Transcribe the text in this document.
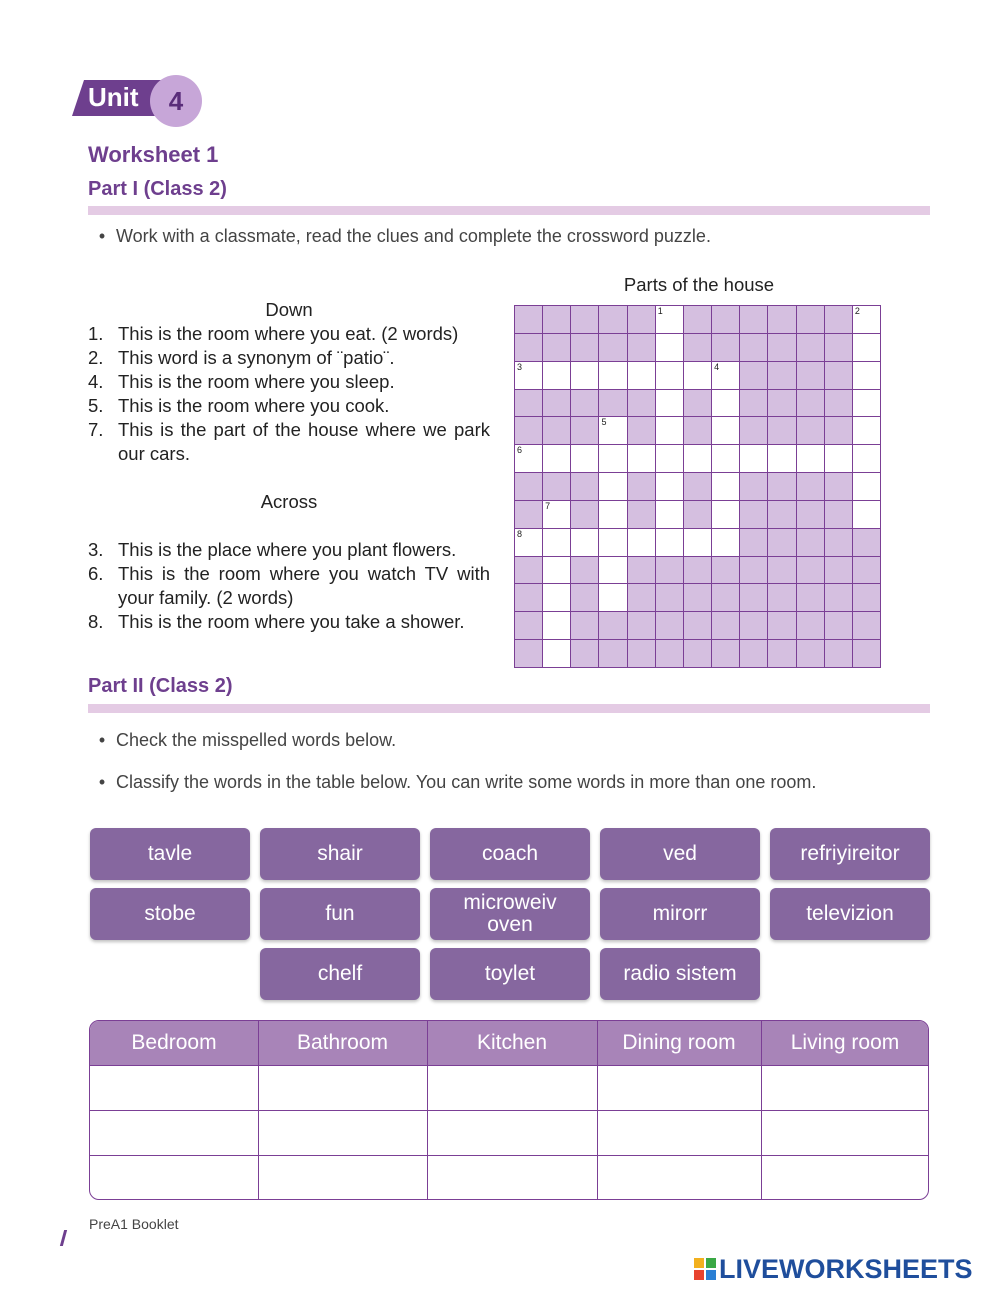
Unit	4
Worksheet 1
Part I (Class 2)
• Work with a classmate, read the clues and complete the crossword puzzle.
Down
1. This is the room where you eat. (2 words)
2. This word is a synonym of ¨patio¨.
4. This is the room where you sleep.
5. This is the room where you cook.
7. This is the part of the house where we park our cars.
Across
3. This is the place where you plant flowers.
6. This is the room where you watch TV with your family. (2 words)
8. This is the room where you take a shower.
Parts of the house
1	2
3	4
5
6
7
8
Part II (Class 2)
• Check the misspelled words below.
• Classify the words in the table below. You can write some words in more than one room.
tavle	shair	coach	ved	refriyireitor
stobe	fun	microweiv oven	mirorr	televizion
chelf	toylet	radio sistem
Bedroom	Bathroom	Kitchen	Dining room	Living room
PreA1 Booklet
LIVEWORKSHEETS
